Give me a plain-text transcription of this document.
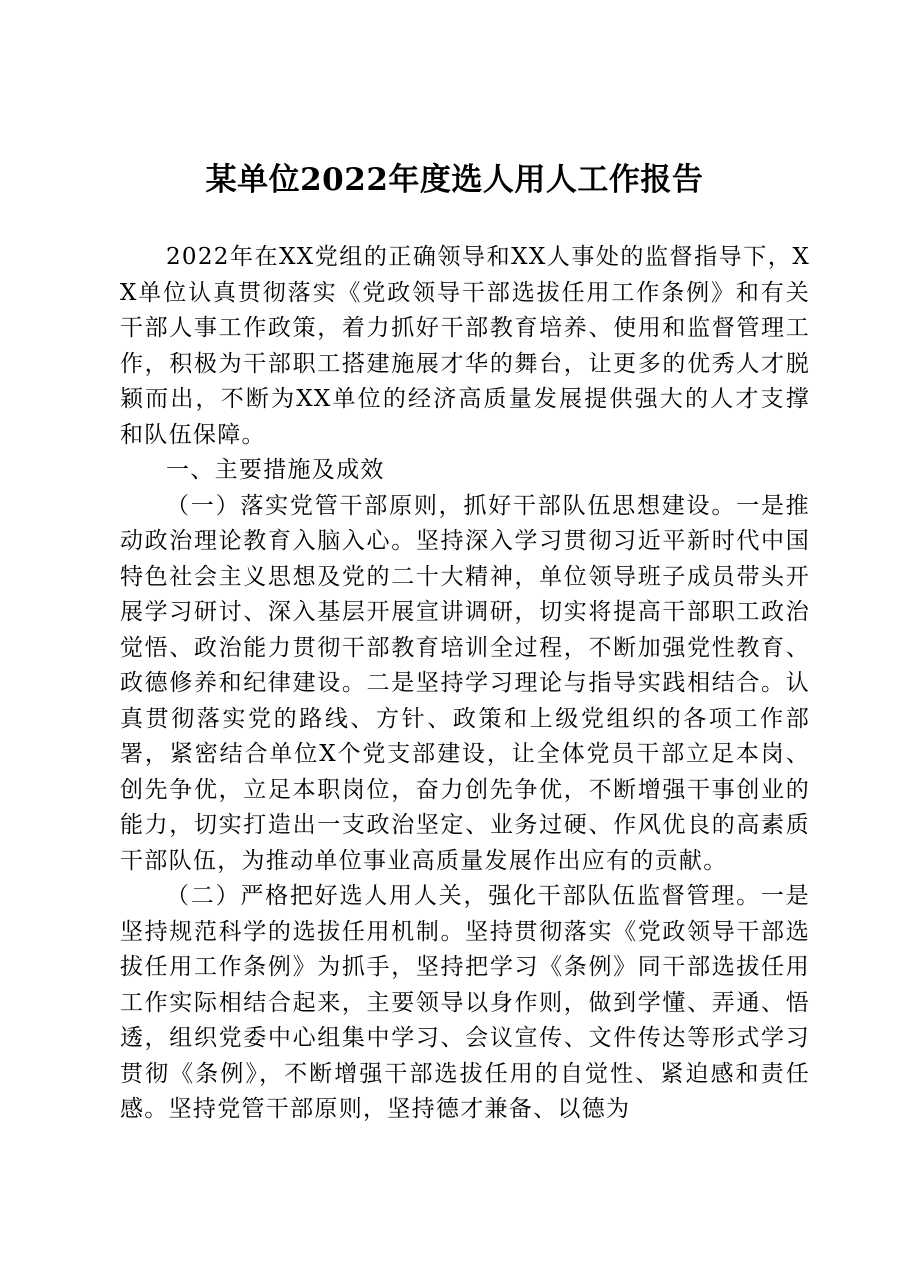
某单位2022年度选人用人工作报告

2022年在XX党组的正确领导和XX人事处的监督指导下，XX单位认真贯彻落实《党政领导干部选拔任用工作条例》和有关干部人事工作政策，着力抓好干部教育培养、使用和监督管理工作，积极为干部职工搭建施展才华的舞台，让更多的优秀人才脱颖而出，不断为XX单位的经济高质量发展提供强大的人才支撑和队伍保障。

一、主要措施及成效

（一）落实党管干部原则，抓好干部队伍思想建设。一是推动政治理论教育入脑入心。坚持深入学习贯彻习近平新时代中国特色社会主义思想及党的二十大精神，单位领导班子成员带头开展学习研讨、深入基层开展宣讲调研，切实将提高干部职工政治觉悟、政治能力贯彻干部教育培训全过程，不断加强党性教育、政德修养和纪律建设。二是坚持学习理论与指导实践相结合。认真贯彻落实党的路线、方针、政策和上级党组织的各项工作部署，紧密结合单位X个党支部建设，让全体党员干部立足本岗、创先争优，立足本职岗位，奋力创先争优，不断增强干事创业的能力，切实打造出一支政治坚定、业务过硬、作风优良的高素质干部队伍，为推动单位事业高质量发展作出应有的贡献。

（二）严格把好选人用人关，强化干部队伍监督管理。一是坚持规范科学的选拔任用机制。坚持贯彻落实《党政领导干部选拔任用工作条例》为抓手，坚持把学习《条例》同干部选拔任用工作实际相结合起来，主要领导以身作则，做到学懂、弄通、悟透，组织党委中心组集中学习、会议宣传、文件传达等形式学习贯彻《条例》，不断增强干部选拔任用的自觉性、紧迫感和责任感。坚持党管干部原则，坚持德才兼备、以德为
